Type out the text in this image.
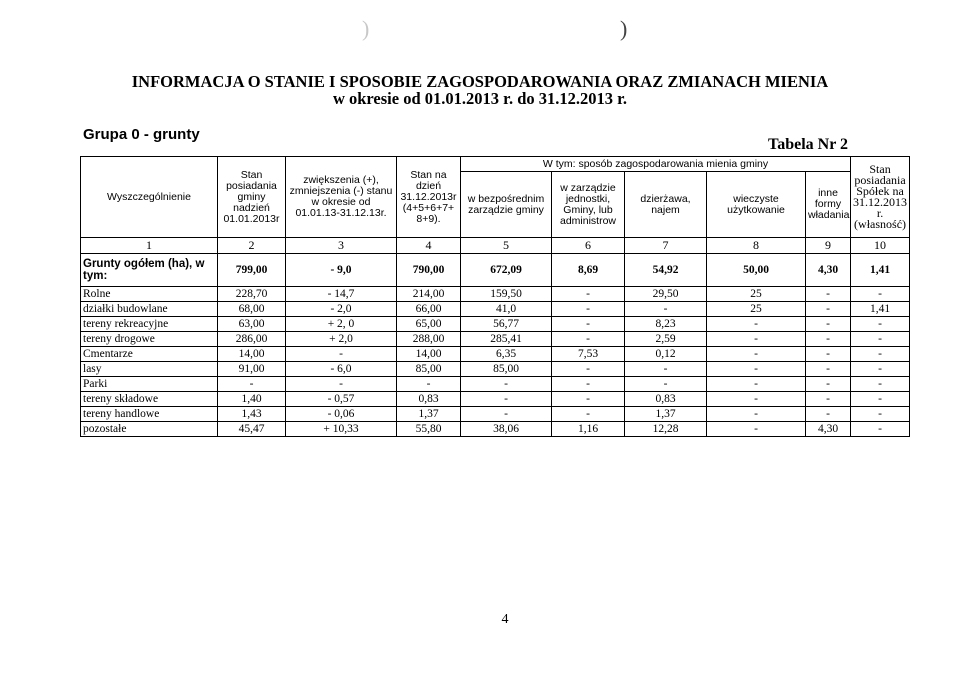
)	)
INFORMACJA O STANIE I SPOSOBIE ZAGOSPODAROWANIA ORAZ ZMIANACH MIENIA
w okresie od 01.01.2013 r. do 31.12.2013 r.
Grupa 0 - grunty
Tabela Nr 2
Wyszczególnienie	Stan posiadania gminy nadzień 01.01.2013r	zwiększenia (+), zmniejszenia (-) stanu w okresie od 01.01.13-31.12.13r.	Stan na dzień 31.12.2013r (4+5+6+7+ 8+9).	W tym: sposób zagospodarowania mienia gminy					Stan posiadania Spółek na 31.12.2013 r. (własność)
				w bezpośrednim zarządzie gminy	w zarządzie jednostki, Gminy, lub administrow	dzierżawa, najem	wieczyste użytkowanie	inne formy władania	
1	2	3	4	5	6	7	8	9	10
Grunty ogółem (ha), w tym:	799,00	- 9,0	790,00	672,09	8,69	54,92	50,00	4,30	1,41
Rolne	228,70	- 14,7	214,00	159,50	-	29,50	25	-	-
działki budowlane	68,00	- 2,0	66,00	41,0	-	-	25	-	1,41
tereny rekreacyjne	63,00	+ 2, 0	65,00	56,77	-	8,23	-	-	-
tereny drogowe	286,00	+ 2,0	288,00	285,41	-	2,59	-	-	-
Cmentarze	14,00	-	14,00	6,35	7,53	0,12	-	-	-
lasy	91,00	- 6,0	85,00	85,00	-	-	-	-	-
Parki	-	-	-	-	-	-	-	-	-
tereny składowe	1,40	- 0,57	0,83	-	-	0,83	-	-	-
tereny handlowe	1,43	- 0,06	1,37	-	-	1,37	-	-	-
pozostałe	45,47	+ 10,33	55,80	38,06	1,16	12,28	-	4,30	-
4
